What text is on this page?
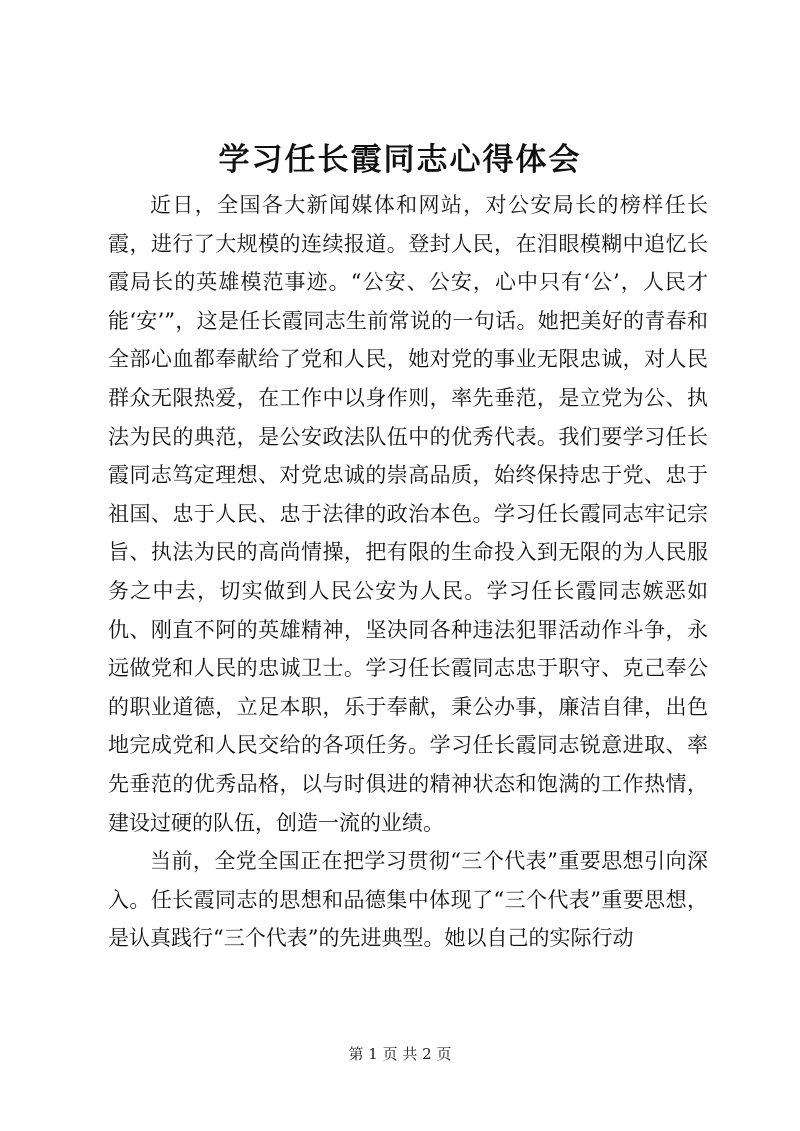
学习任长霞同志心得体会

近日，全国各大新闻媒体和网站，对公安局长的榜样任长霞，进行了大规模的连续报道。登封人民，在泪眼模糊中追忆长霞局长的英雄模范事迹。“公安、公安，心中只有‘公’，人民才能‘安’”，这是任长霞同志生前常说的一句话。她把美好的青春和全部心血都奉献给了党和人民，她对党的事业无限忠诚，对人民群众无限热爱，在工作中以身作则，率先垂范，是立党为公、执法为民的典范，是公安政法队伍中的优秀代表。我们要学习任长霞同志笃定理想、对党忠诚的崇高品质，始终保持忠于党、忠于祖国、忠于人民、忠于法律的政治本色。学习任长霞同志牢记宗旨、执法为民的高尚情操，把有限的生命投入到无限的为人民服务之中去，切实做到人民公安为人民。学习任长霞同志嫉恶如仇、刚直不阿的英雄精神，坚决同各种违法犯罪活动作斗争，永远做党和人民的忠诚卫士。学习任长霞同志忠于职守、克己奉公的职业道德，立足本职，乐于奉献，秉公办事，廉洁自律，出色地完成党和人民交给的各项任务。学习任长霞同志锐意进取、率先垂范的优秀品格，以与时俱进的精神状态和饱满的工作热情，建设过硬的队伍，创造一流的业绩。

当前，全党全国正在把学习贯彻“三个代表”重要思想引向深入。任长霞同志的思想和品德集中体现了“三个代表”重要思想，是认真践行“三个代表”的先进典型。她以自己的实际行动

第 1 页 共 2 页
